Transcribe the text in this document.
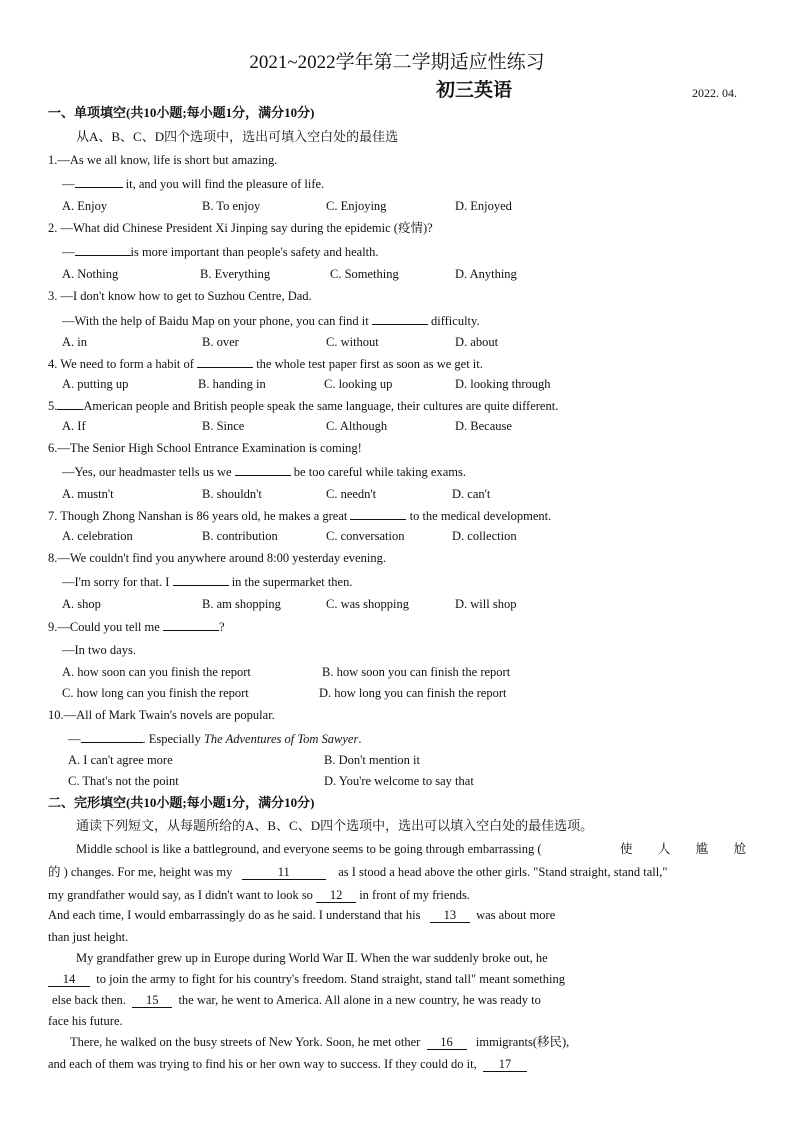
2021~2022学年第二学期适应性练习
初三英语	2022. 04.
一、单项填空(共10小题;每小题1分，满分10分)
从A、B、C、D四个选项中，选出可填入空白处的最佳选
1.—As we all know, life is short but amazing.
—	it, and you will find the pleasure of life.
A. Enjoy	B. To enjoy	C. Enjoying	D. Enjoyed
2. —What did Chinese President Xi Jinping say during the epidemic (疫情)?
—	is more important than people's safety and health.
A. Nothing	B. Everything	C. Something	D. Anything
3. —I don't know how to get to Suzhou Centre, Dad.
—With the help of Baidu Map on your phone, you can find it	difficulty.
A. in	B. over	C. without	D. about
4. We need to form a habit of	the whole test paper first as soon as we get it.
A. putting up	B. handing in	C. looking up	D. looking through
5. American people and British people speak the same language, their cultures are quite different.
A. If	B. Since	C. Although	D. Because
6.—The Senior High School Entrance Examination is coming!
—Yes, our headmaster tells us we	be too careful while taking exams.
A. mustn't	B. shouldn't	C. needn't	D. can't
7. Though Zhong Nanshan is 86 years old, he makes a great	to the medical development.
A. celebration	B. contribution	C. conversation	D. collection
8.—We couldn't find you anywhere around 8:00 yesterday evening.
—I'm sorry for that. I	in the supermarket then.
A. shop	B. am shopping	C. was shopping	D. will shop
9.—Could you tell me	?
—In two days.
A. how soon can you finish the report	B. how soon you can finish the report
C. how long can you finish the report	D. how long you can finish the report
10.—All of Mark Twain's novels are popular.
—	. Especially The Adventures of Tom Sawyer.
A. I can't agree more	B. Don't mention it
C. That's not the point	D. You're welcome to say that
二、完形填空(共10小题;每小题1分，满分10分)
通读下列短文，从每题所给的A、B、C、D四个选项中，选出可以填入空白处的最佳选项。
Middle school is like a battleground, and everyone seems to be going through embarrassing (	使 人 尴 尬
的 ) changes. For me, height was my	11	as I stood a head above the other girls. "Stand straight, stand tall,"
my grandfather would say, as I didn't want to look so 12 in front of my friends.
And each time, I would embarrassingly do as he said. I understand that his 13 was about more
than just height.
My grandfather grew up in Europe during World War Ⅱ. When the war suddenly broke out, he
14 to join the army to fight for his country's freedom. Stand straight, stand tall" meant something
else back then. 15 the war, he went to America. All alone in a new country, he was ready to
face his future.
There, he walked on the busy streets of New York. Soon, he met other 16 immigrants(移民),
and each of them was trying to find his or her own way to success. If they could do it, 17
